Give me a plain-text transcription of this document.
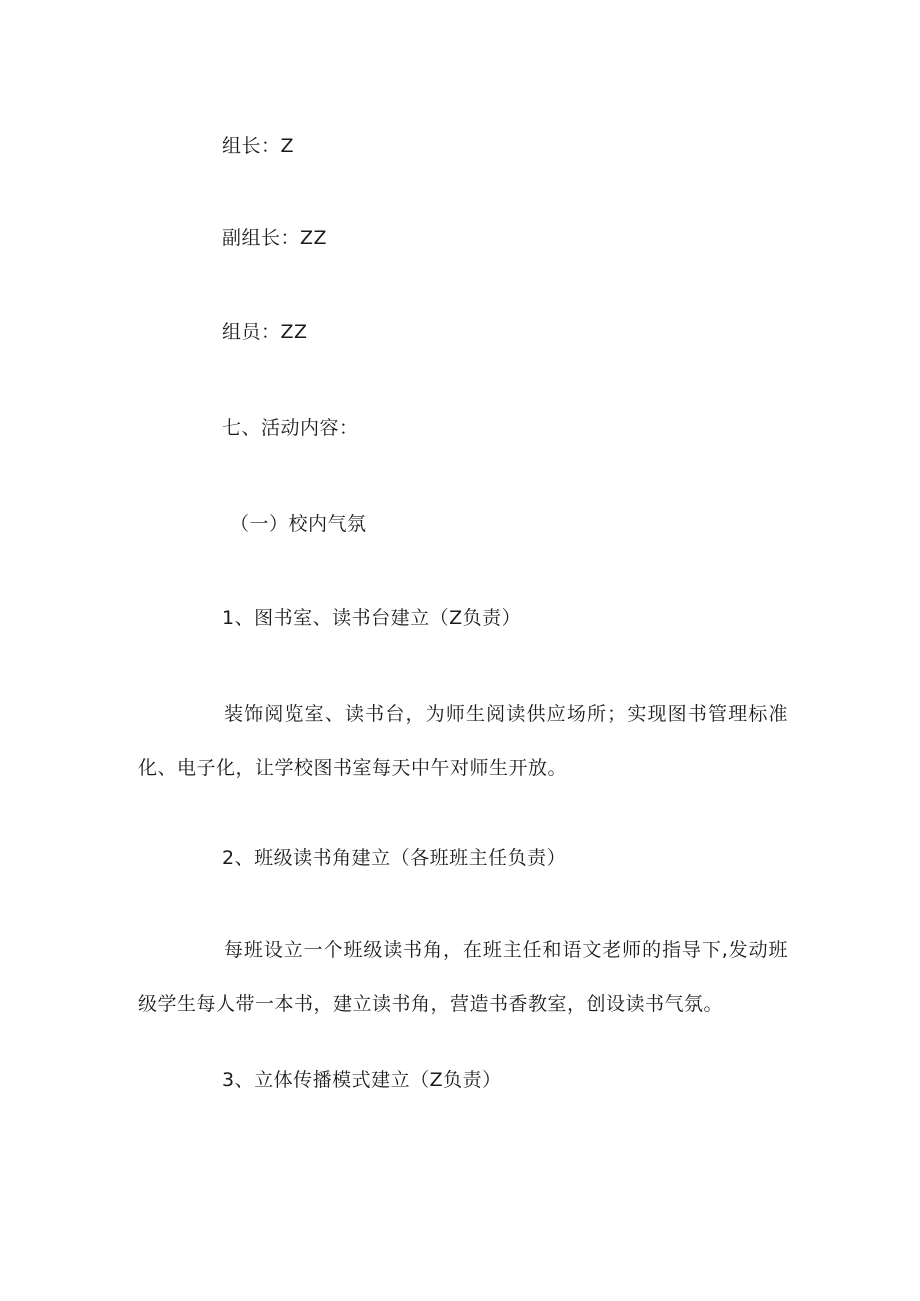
组长：Z
副组长：ZZ
组员：ZZ
七、活动内容：
（一）校内气氛
1、图书室、读书台建立（Z负责）
装饰阅览室、读书台，为师生阅读供应场所；实现图书管理标准化、电子化，让学校图书室每天中午对师生开放。
2、班级读书角建立（各班班主任负责）
每班设立一个班级读书角，在班主任和语文老师的指导下,发动班级学生每人带一本书，建立读书角，营造书香教室，创设读书气氛。
3、立体传播模式建立（Z负责）
